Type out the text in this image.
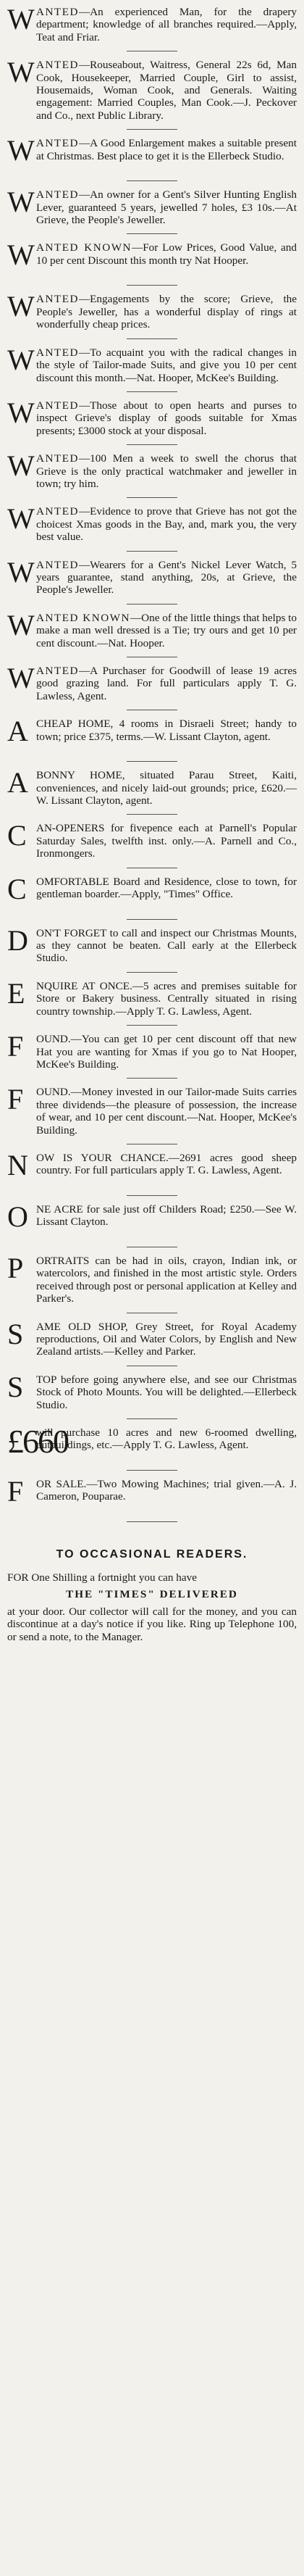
W ANTED—An experienced Man, for the drapery department; knowledge of all branches required.—Apply, Teat and Friar.
W ANTED—Rouseabout, Waitress, General 22s 6d, Man Cook, Housekeeper, Married Couple, Girl to assist, Housemaids, Woman Cook, and Generals. Waiting engagement: Married Couples, Man Cook.—J. Peckover and Co., next Public Library.
W ANTED—A Good Enlargement makes a suitable present at Christmas. Best place to get it is the Ellerbeck Studio.
W ANTED—An owner for a Gent's Silver Hunting English Lever, guaranteed 5 years, jewelled 7 holes, £3 10s.—At Grieve, the People's Jeweller.
W ANTED KNOWN—For Low Prices, Good Value, and 10 per cent Discount this month try Nat Hooper.
W ANTED—Engagements by the score; Grieve, the People's Jeweller, has a wonderful display of rings at wonderfully cheap prices.
W ANTED—To acquaint you with the radical changes in the style of Tailor-made Suits, and give you 10 per cent discount this month.—Nat. Hooper, McKee's Building.
W ANTED—Those about to open hearts and purses to inspect Grieve's display of goods suitable for Xmas presents; £3000 stock at your disposal.
W ANTED—100 Men a week to swell the chorus that Grieve is the only practical watchmaker and jeweller in town; try him.
W ANTED—Evidence to prove that Grieve has not got the choicest Xmas goods in the Bay, and, mark you, the very best value.
W ANTED—Wearers for a Gent's Nickel Lever Watch, 5 years guarantee, stand anything, 20s, at Grieve, the People's Jeweller.
W ANTED KNOWN—One of the little things that helps to make a man well dressed is a Tie; try ours and get 10 per cent discount.—Nat. Hooper.
W ANTED—A Purchaser for Goodwill of lease 19 acres good grazing land. For full particulars apply T. G. Lawless, Agent.
A CHEAP HOME, 4 rooms in Disraeli Street; handy to town; price £375, terms.—W. Lissant Clayton, agent.
A BONNY HOME, situated Parau Street, Kaiti, conveniences, and nicely laid-out grounds; price, £620.—W. Lissant Clayton, agent.
C AN-OPENERS for fivepence each at Parnell's Popular Saturday Sales, twelfth inst. only.—A. Parnell and Co., Ironmongers.
C OMFORTABLE Board and Residence, close to town, for gentleman boarder.—Apply, "Times" Office.
D ON'T FORGET to call and inspect our Christmas Mounts, as they cannot be beaten. Call early at the Ellerbeck Studio.
E	NQUIRE AT ONCE.—5 acres and premises suitable for Store or Bakery business. Centrally situated in rising country township.—Apply T. G. Lawless, Agent.
F	OUND.—You can get 10 per cent discount off that new Hat you are wanting for Xmas if you go to Nat Hooper, McKee's Building.
F	OUND.—Money invested in our Tailor-made Suits carries three dividends—the pleasure of possession, the increase of wear, and 10 per cent discount.—Nat. Hooper, McKee's Building.
N OW IS YOUR CHANCE.—2691 acres good sheep country. For full particulars apply T. G. Lawless, Agent.
O NE ACRE for sale just off Childers Road; £250.—See W. Lissant Clayton.
P	ORTRAITS can be had in oils, crayon, Indian ink, or watercolors, and finished in the most artistic style. Orders received through post or personal application at Kelley and Parker's.
S	AME OLD SHOP, Grey Street, for Royal Academy reproductions, Oil and Water Colors, by English and New Zealand artists.—Kelley and Parker.
S	TOP before going anywhere else, and see our Christmas Stock of Photo Mounts. You will be delighted.—Ellerbeck Studio.
£660
will purchase 10 acres and new 6-roomed dwelling, outbuildings, etc.—Apply T. G. Lawless, Agent.
F	OR SALE.—Two Mowing Machines; trial given.—A. J. Cameron, Pouparae.
TO OCCASIONAL READERS.
FOR One Shilling a fortnight you can have
THE "TIMES" DELIVERED
at your door. Our collector will call for the money, and you can discontinue at a day's notice if you like. Ring up Telephone 100, or send a note, to the Manager.
